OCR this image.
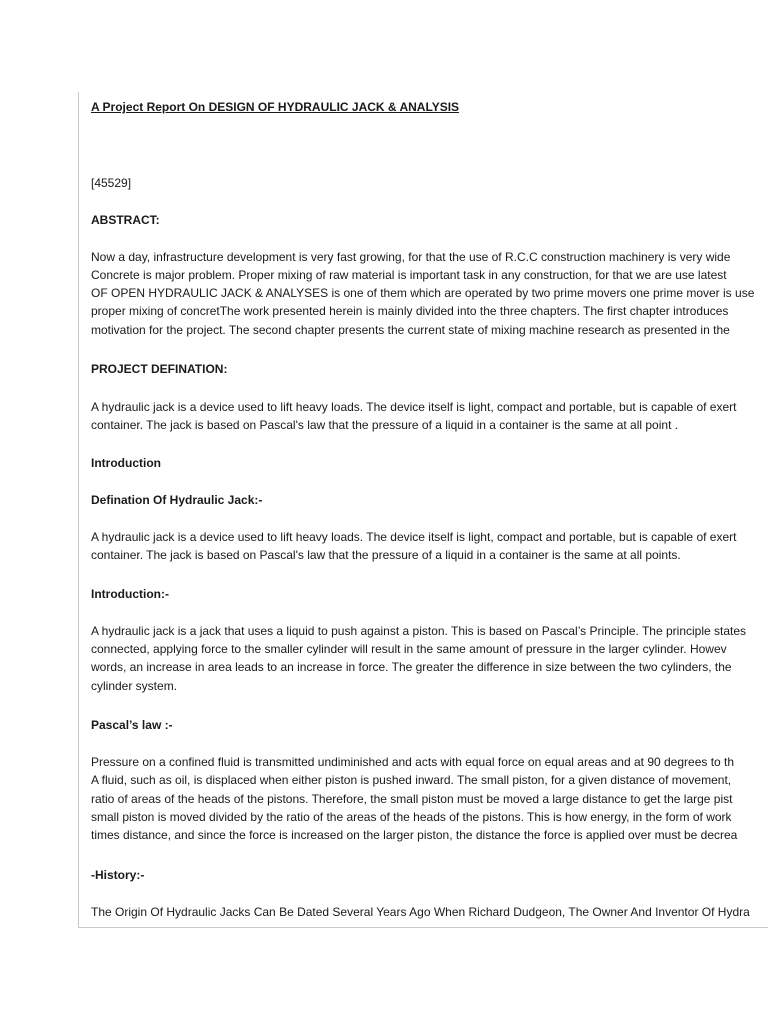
A Project Report On DESIGN OF HYDRAULIC JACK & ANALYSIS
[45529]
ABSTRACT:
Now a day, infrastructure development is very fast growing, for that the use of R.C.C construction machinery is very wide
Concrete is major problem. Proper mixing of raw material is important task in any construction, for that we are use latest
OF OPEN HYDRAULIC JACK & ANALYSES is one of them which are operated by two prime movers one prime mover is use
proper mixing of concretThe work presented herein is mainly divided into the three chapters. The first chapter introduces
motivation for the project. The second chapter presents the current state of mixing machine research as presented in the
PROJECT DEFINATION:
A hydraulic jack is a device used to lift heavy loads. The device itself is light, compact and portable, but is capable of exert
container. The jack is based on Pascal's law that the pressure of a liquid in a container is the same at all point .
Introduction
Defination Of Hydraulic Jack:-
A hydraulic jack is a device used to lift heavy loads. The device itself is light, compact and portable, but is capable of exert
container. The jack is based on Pascal's law that the pressure of a liquid in a container is the same at all points.
Introduction:-
A hydraulic jack is a jack that uses a liquid to push against a piston. This is based on Pascal’s Principle. The principle states
connected, applying force to the smaller cylinder will result in the same amount of pressure in the larger cylinder. Howev
words, an increase in area leads to an increase in force. The greater the difference in size between the two cylinders, the
cylinder system.
Pascal’s law :-
Pressure on a confined fluid is transmitted undiminished and acts with equal force on equal areas and at 90 degrees to th
A fluid, such as oil, is displaced when either piston is pushed inward. The small piston, for a given distance of movement,
ratio of areas of the heads of the pistons. Therefore, the small piston must be moved a large distance to get the large pist
small piston is moved divided by the ratio of the areas of the heads of the pistons. This is how energy, in the form of work
times distance, and since the force is increased on the larger piston, the distance the force is applied over must be decrea
-History:-
The Origin Of Hydraulic Jacks Can Be Dated Several Years Ago When Richard Dudgeon, The Owner And Inventor Of Hydra
